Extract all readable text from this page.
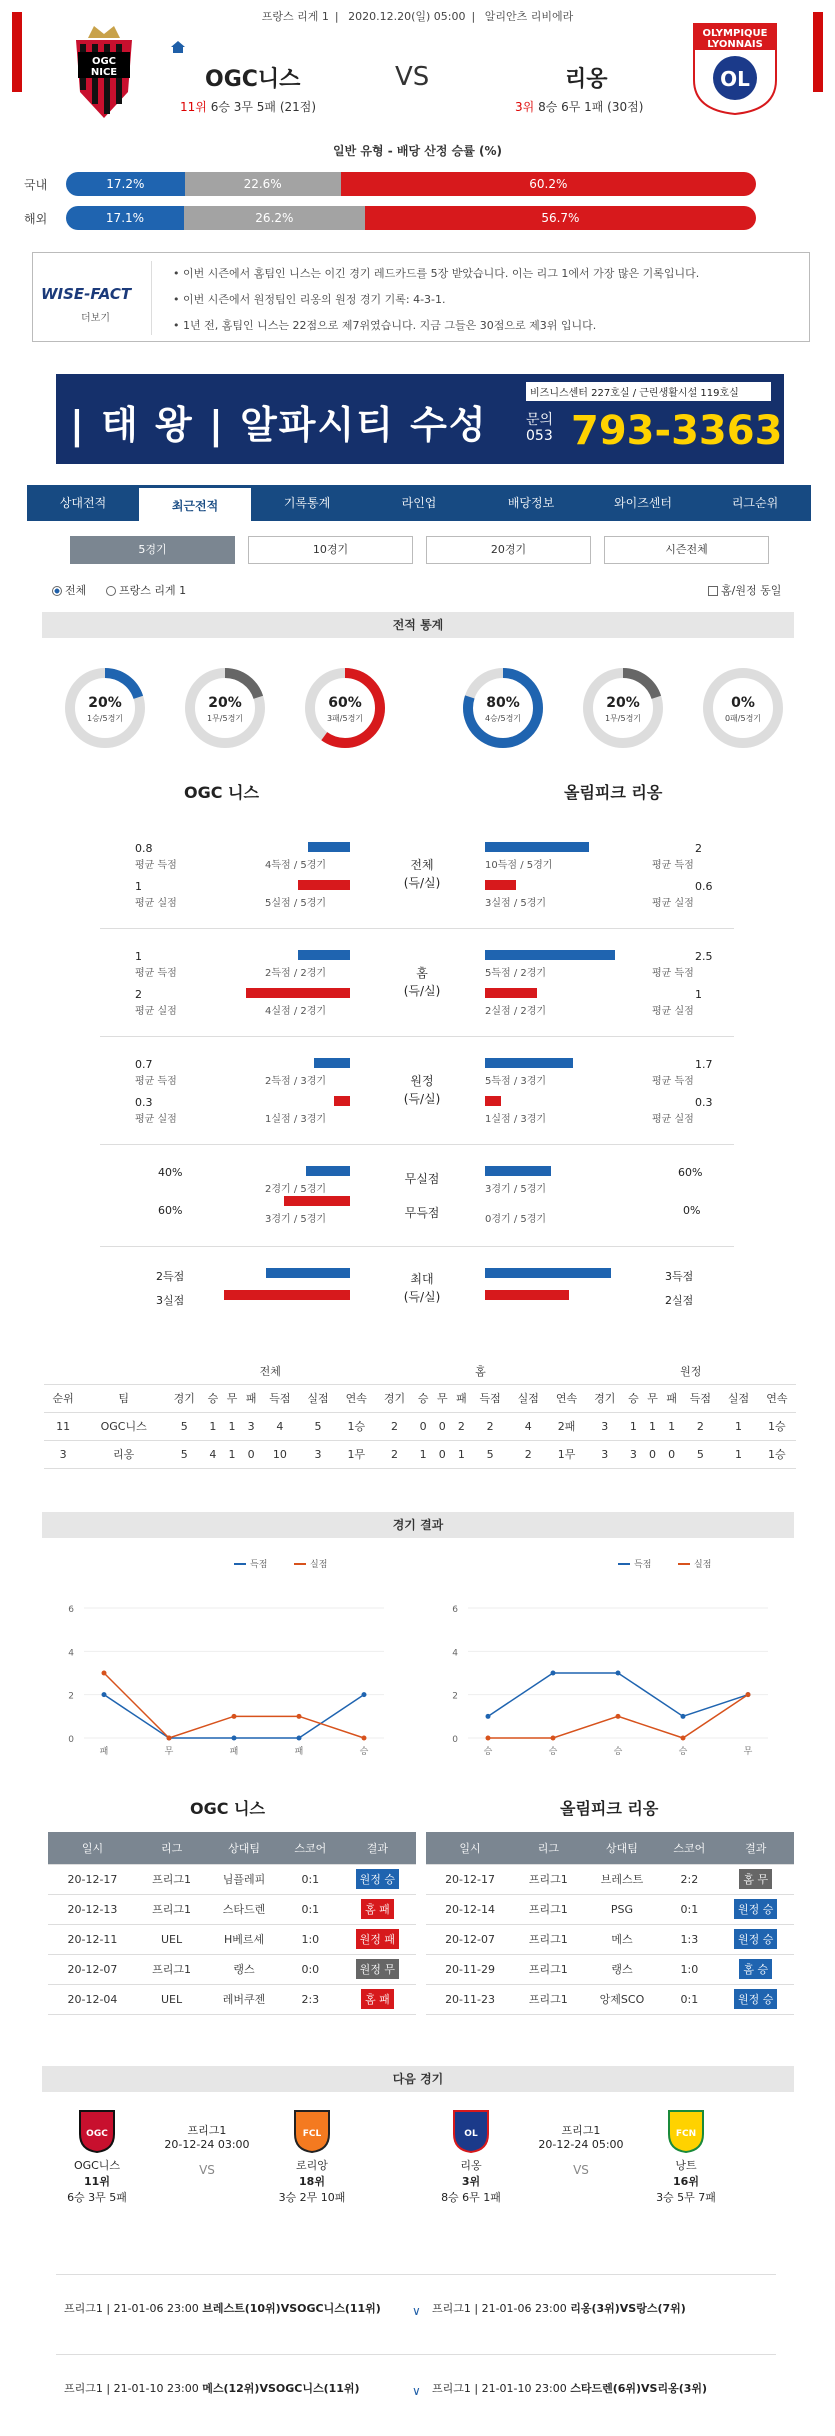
프랑스 리게 1 | 2020.12.20(일) 05:00 | 알리안츠 리비에라
OGC
NICE	OGC니스	VS	리옹
11위 6승 3무 5패 (21점)	3위 8승 6무 1패 (30점)
OLYMPIQUE
LYONNAIS
OL
일반 유형 - 배당 산정 승률 (%)
국내	17.2%	22.6%	60.2%
해외	17.1%	26.2%	56.7%
WISE-FACT
더보기
• 이번 시즌에서 홈팀인 니스는 이긴 경기 레드카드를 5장 받았습니다. 이는 리그 1에서 가장 많은 기록입니다.
• 이번 시즌에서 원정팀인 리옹의 원정 경기 기록: 4-3-1.
• 1년 전, 홈팀인 니스는 22점으로 제7위였습니다. 지금 그들은 30점으로 제3위 입니다.
| 태 왕 | 알파시티 수성
비즈니스센터 227호실 / 근린생활시설 119호실
문의
053 793-3363
상대전적	최근전적	기록통계	라인업	배당정보	와이즈센터	리그순위
5경기	10경기	20경기	시즌전체
전체	프랑스 리게 1	홈/원정 동일
전적 통계
20%
1승/5경기
20%
1무/5경기
60%
3패/5경기
80%
4승/5경기
20%
1무/5경기
0%
0패/5경기
OGC 니스	올림피크 리옹
0.8
평균 득점
1
평균 실점
4득점 / 5경기
5실점 / 5경기
10득점 / 5경기
3실점 / 5경기
2
평균 득점
0.6
평균 실점
전체
(득/실)
1
평균 득점
2
평균 실점
2득점 / 2경기
4실점 / 2경기
5득점 / 2경기
2실점 / 2경기
2.5
평균 득점
1
평균 실점
홈
(득/실)
0.7
평균 득점
0.3
평균 실점
2득점 / 3경기
1실점 / 3경기
5득점 / 3경기
1실점 / 3경기
1.7
평균 득점
0.3
평균 실점
원정
(득/실)
40%
60%
2경기 / 5경기
3경기 / 5경기
3경기 / 5경기
0경기 / 5경기
60%
0%
무실점
무득점
2득점
3실점
3득점
2실점
최대
(득/실)
		전체							홈							원정						
순위	팀	경기	승	무	패	득점	실점	연속	경기	승	무	패	득점	실점	연속	경기	승	무	패	득점	실점	연속
11	OGC니스	5	1	1	3	4	5	1승	2	0	0	2	2	4	2패	3	1	1	1	2	1	1승
3	리옹	5	4	1	0	10	3	1무	2	1	0	1	5	2	1무	3	3	0	0	5	1	1승
경기 결과
0
2
4
6
패	무	패	패	승
득점	실점
0
2
4
6
승	승	승	승	무
득점	실점
OGC 니스	올림피크 리옹
일시	리그	상대팀	스코어	결과
20-12-17	프리그1	님플레피	0:1	원정 승
20-12-13	프리그1	스타드렌	0:1	홈 패
20-12-11	UEL	H베르셰	1:0	원정 패
20-12-07	프리그1	랭스	0:0	원정 무
20-12-04	UEL	레버쿠젠	2:3	홈 패
일시	리그	상대팀	스코어	결과
20-12-17	프리그1	브레스트	2:2	홈 무
20-12-14	프리그1	PSG	0:1	원정 승
20-12-07	프리그1	메스	1:3	원정 승
20-11-29	프리그1	랭스	1:0	홈 승
20-11-23	프리그1	앙제SCO	0:1	원정 승
다음 경기
OGC
OGC니스
11위
6승 3무 5패
프리그1
20-12-24 03:00
VS
FCL
로리앙
18위
3승 2무 10패
OL
리옹
3위
8승 6무 1패
프리그1
20-12-24 05:00
VS
FCN
낭트
16위
3승 5무 7패
프리그1 | 21-01-06 23:00 브레스트(10위)VSOGC니스(11위)	∨ 프리그1 | 21-01-06 23:00 리옹(3위)VS랑스(7위)
프리그1 | 21-01-10 23:00 메스(12위)VSOGC니스(11위)	∨ 프리그1 | 21-01-10 23:00 스타드렌(6위)VS리옹(3위)
